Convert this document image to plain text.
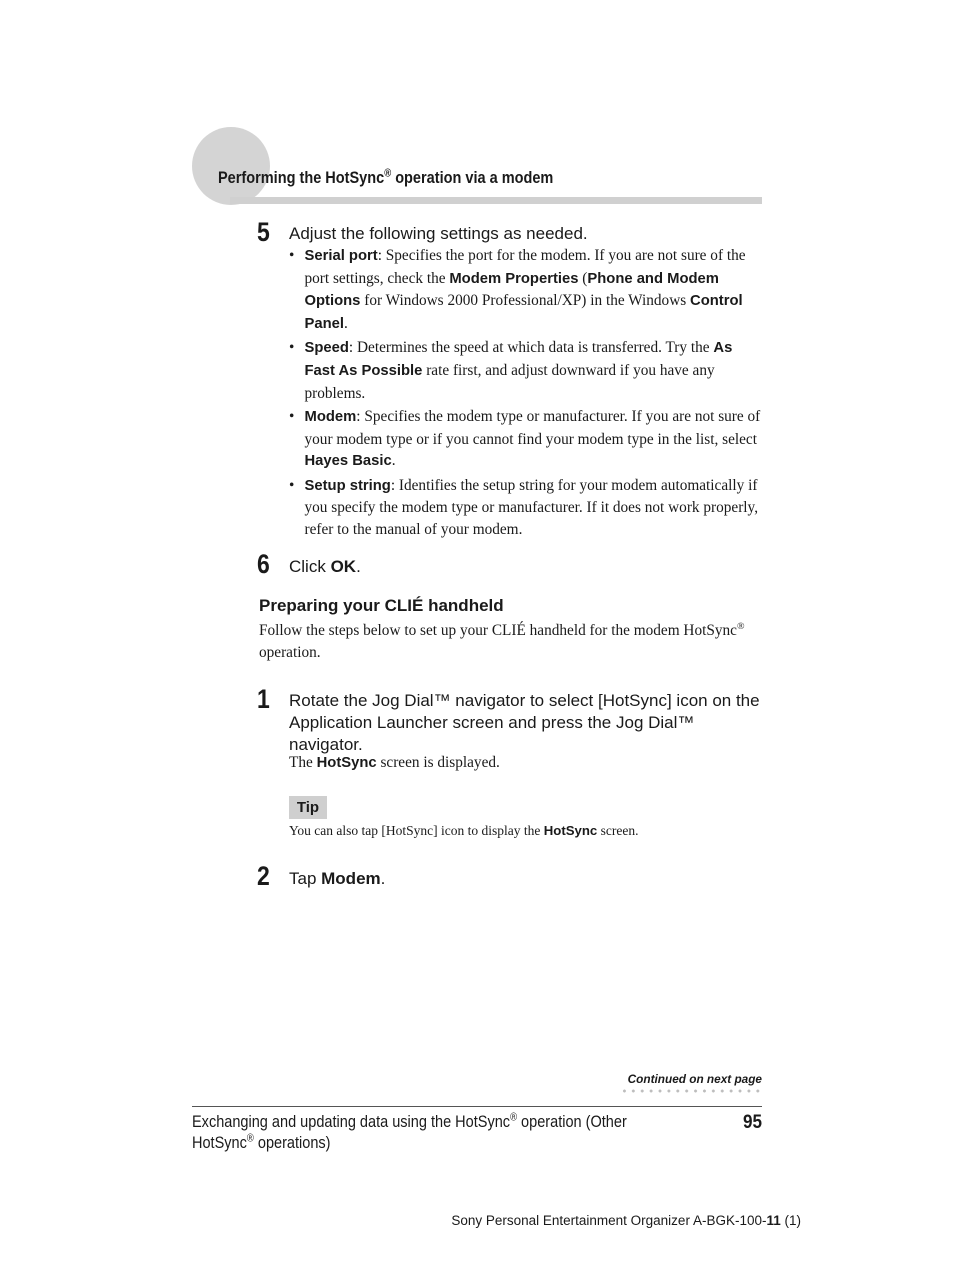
Performing the HotSync® operation via a modem
5 Adjust the following settings as needed.
• Serial port: Specifies the port for the modem. If you are not sure of the port settings, check the Modem Properties (Phone and Modem Options for Windows 2000 Professional/XP) in the Windows Control Panel.
• Speed: Determines the speed at which data is transferred. Try the As Fast As Possible rate first, and adjust downward if you have any problems.
• Modem: Specifies the modem type or manufacturer. If you are not sure of your modem type or if you cannot find your modem type in the list, select Hayes Basic.
• Setup string: Identifies the setup string for your modem automatically if you specify the modem type or manufacturer. If it does not work properly, refer to the manual of your modem.
6 Click OK.
Preparing your CLIÉ handheld
Follow the steps below to set up your CLIÉ handheld for the modem HotSync® operation.
1 Rotate the Jog Dial™ navigator to select [HotSync] icon on the Application Launcher screen and press the Jog Dial™ navigator.
The HotSync screen is displayed.
Tip
You can also tap [HotSync] icon to display the HotSync screen.
2 Tap Modem.
Continued on next page
Exchanging and updating data using the HotSync® operation (Other HotSync® operations)
95
Sony Personal Entertainment Organizer A-BGK-100-11 (1)
